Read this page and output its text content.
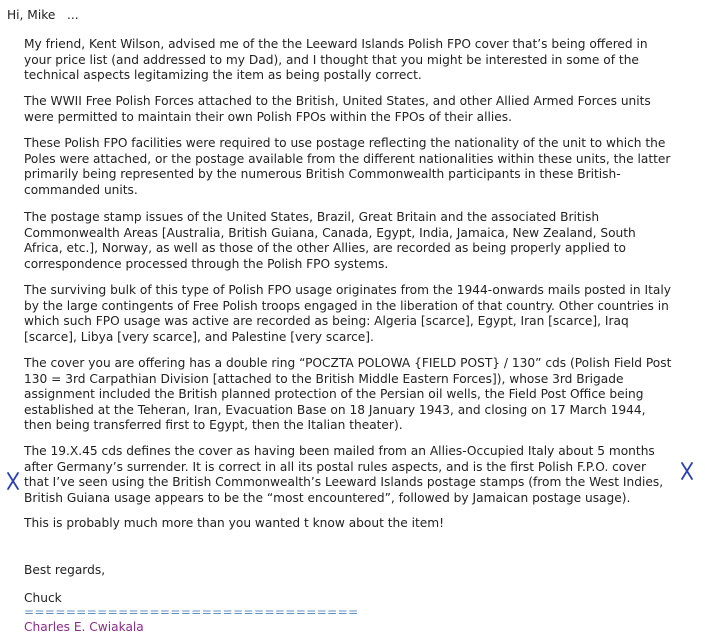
Hi, Mike   ...
My friend, Kent Wilson, advised me of the the Leeward Islands Polish FPO cover that’s being offered in
your price list (and addressed to my Dad), and I thought that you might be interested in some of the
technical aspects legitamizing the item as being postally correct.
The WWII Free Polish Forces attached to the British, United States, and other Allied Armed Forces units
were permitted to maintain their own Polish FPOs within the FPOs of their allies.
These Polish FPO facilities were required to use postage reflecting the nationality of the unit to which the
Poles were attached, or the postage available from the different nationalities within these units, the latter
primarily being represented by the numerous British Commonwealth participants in these British-
commanded units.
The postage stamp issues of the United States, Brazil, Great Britain and the associated British
Commonwealth Areas [Australia, British Guiana, Canada, Egypt, India, Jamaica, New Zealand, South
Africa, etc.], Norway, as well as those of the other Allies, are recorded as being properly applied to
correspondence processed through the Polish FPO systems.
The surviving bulk of this type of Polish FPO usage originates from the 1944-onwards mails posted in Italy
by the large contingents of Free Polish troops engaged in the liberation of that country. Other countries in
which such FPO usage was active are recorded as being: Algeria [scarce], Egypt, Iran [scarce], Iraq
[scarce], Libya [very scarce], and Palestine [very scarce].
The cover you are offering has a double ring “POCZTA POLOWA {FIELD POST} / 130” cds (Polish Field Post
130 = 3rd Carpathian Division [attached to the British Middle Eastern Forces]), whose 3rd Brigade
assignment included the British planned protection of the Persian oil wells, the Field Post Office being
established at the Teheran, Iran, Evacuation Base on 18 January 1943, and closing on 17 March 1944,
then being transferred first to Egypt, then the Italian theater).
The 19.X.45 cds defines the cover as having been mailed from an Allies-Occupied Italy about 5 months
after Germany’s surrender. It is correct in all its postal rules aspects, and is the first Polish F.P.O. cover
that I’ve seen using the British Commonwealth’s Leeward Islands postage stamps (from the West Indies,
British Guiana usage appears to be the “most encountered”, followed by Jamaican postage usage).
This is probably much more than you wanted t know about the item!
Best regards,
Chuck
================================
Charles E. Cwiakala
